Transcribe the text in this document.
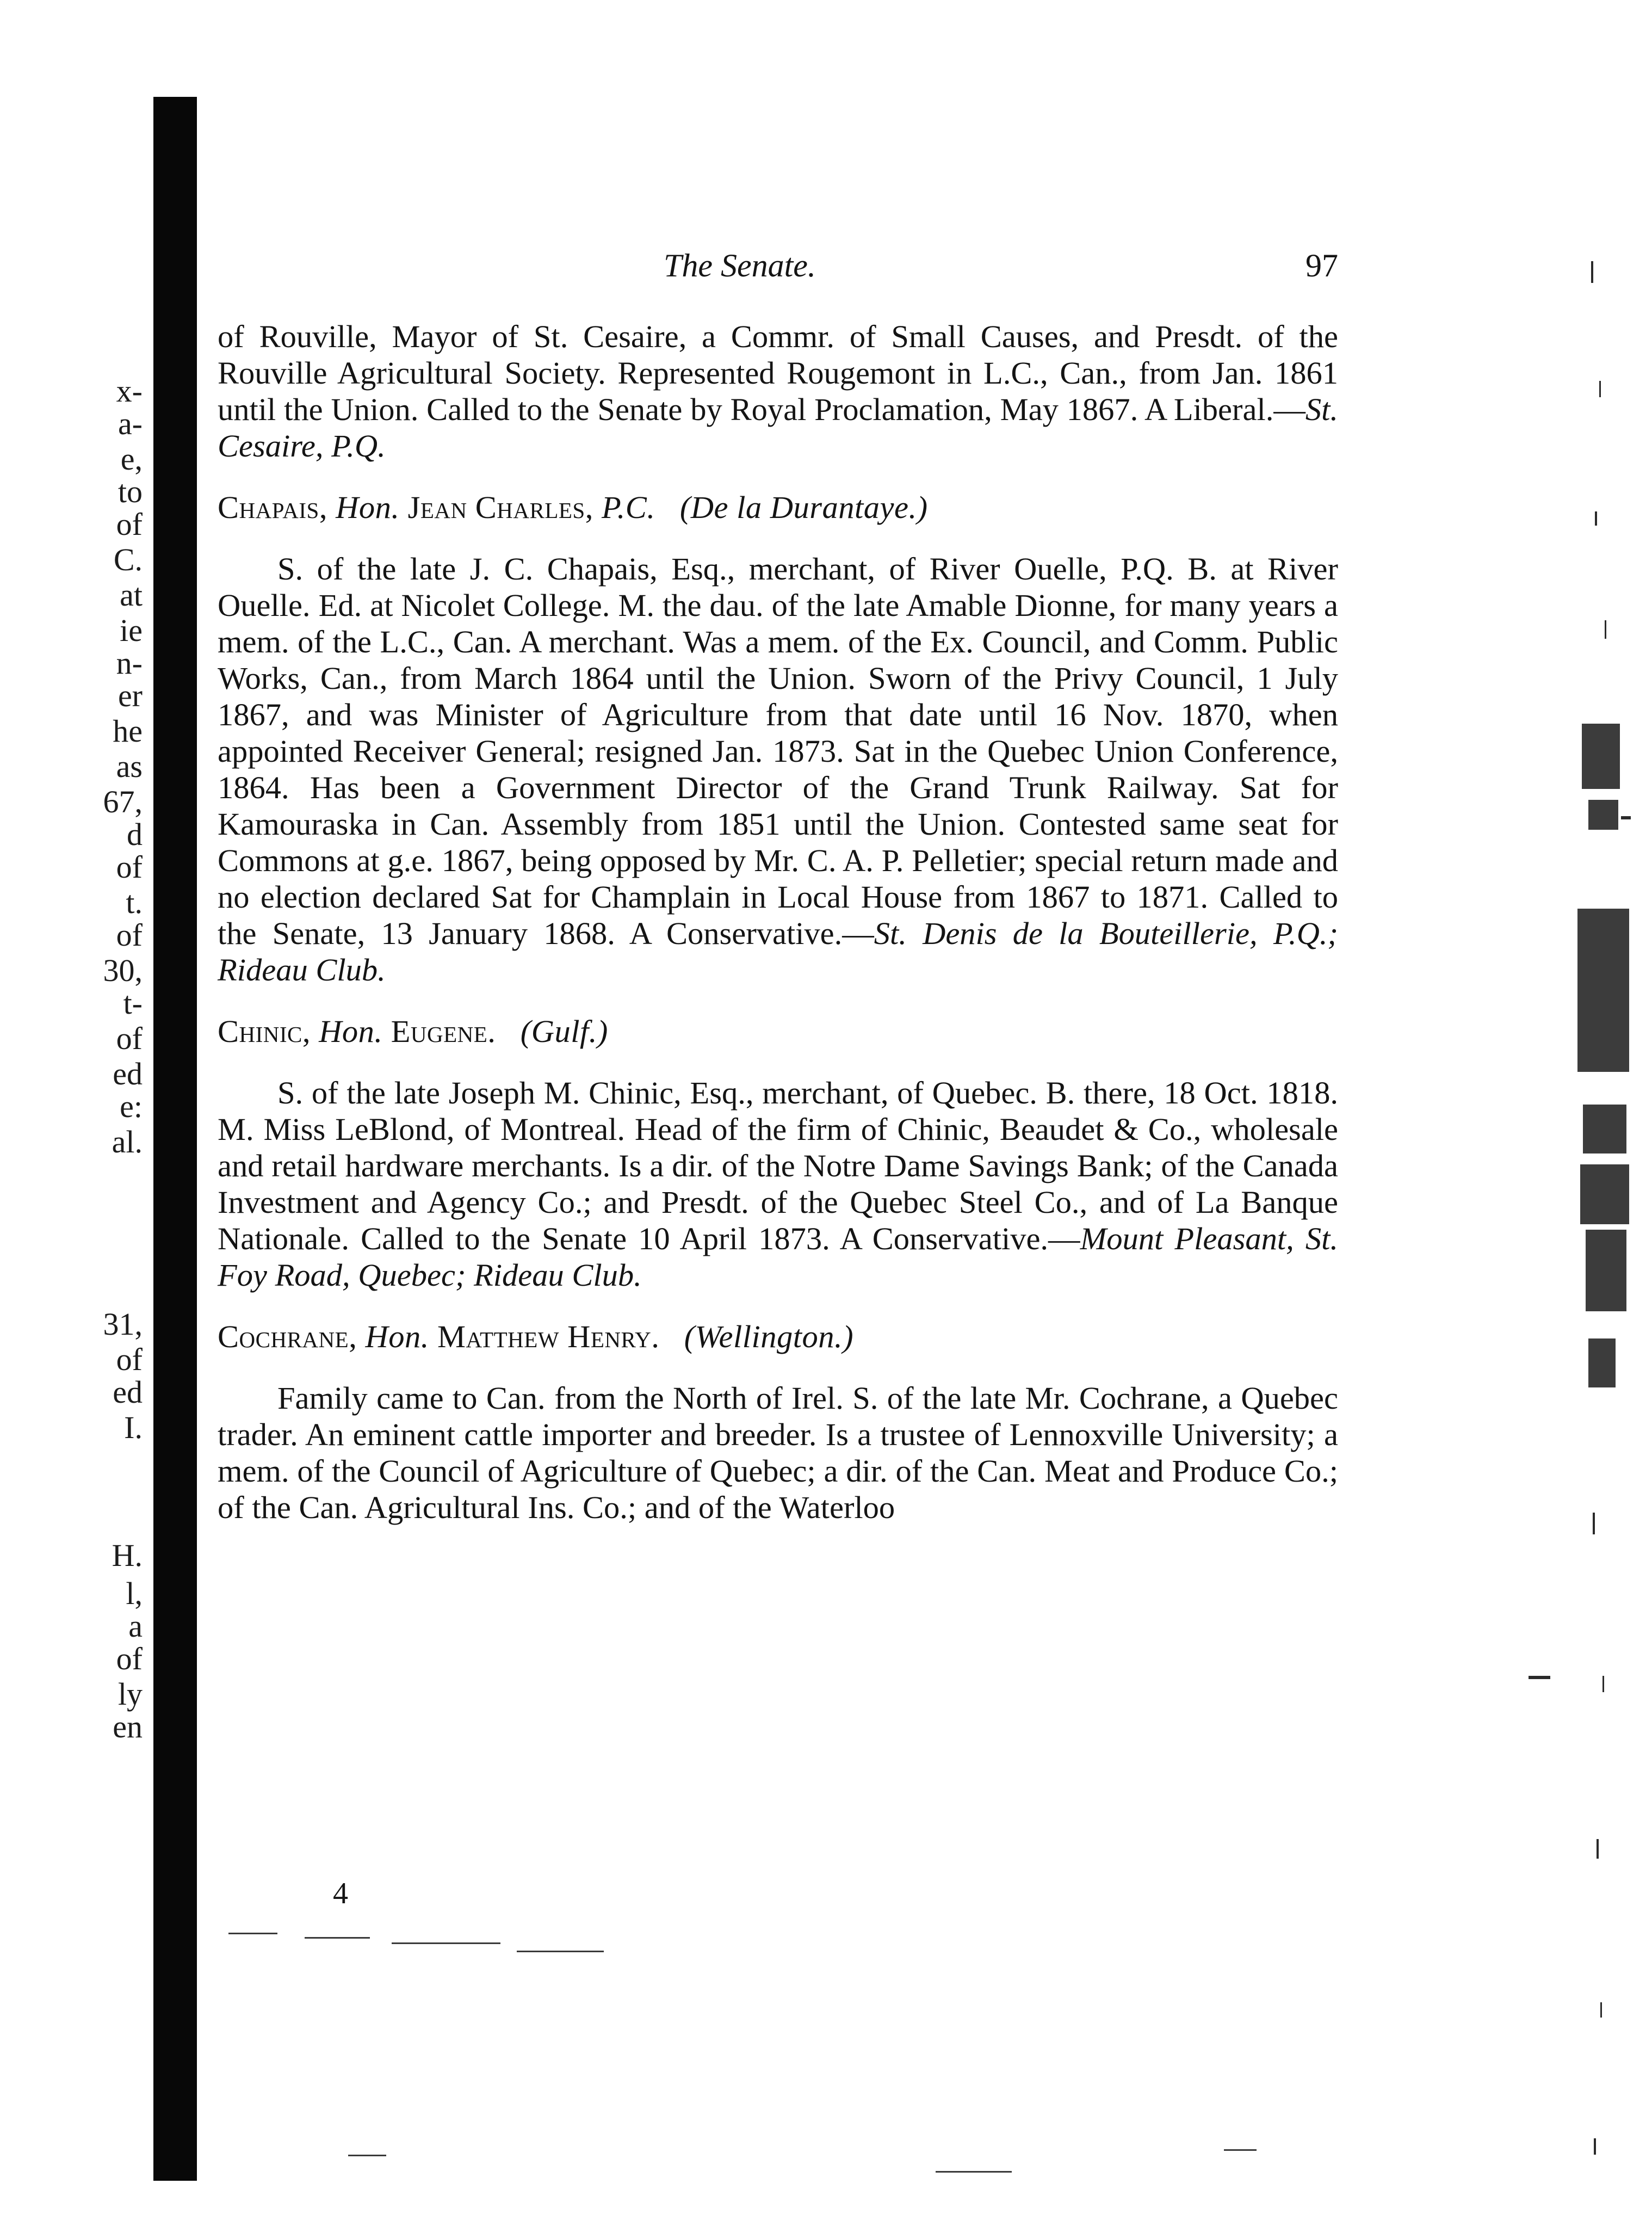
x-
a-
e,
to
of
C.
at
ie
n-
er
he
as
67,
d
of
t.
of
30,
t-
of
ed
e:
al.
31,
of
ed
I.
H.
l,
a
of
ly
en
The Senate.	97

of Rouville, Mayor of St. Cesaire, a Commr. of Small Causes, and Presdt. of the Rouville Agricultural Society. Represented Rougemont in L.C., Can., from Jan. 1861 until the Union. Called to the Senate by Royal Proclamation, May 1867. A Liberal.—St. Cesaire, P.Q.

Chapais, Hon. Jean Charles, P.C. (De la Durantaye.)

S. of the late J. C. Chapais, Esq., merchant, of River Ouelle, P.Q. B. at River Ouelle. Ed. at Nicolet College. M. the dau. of the late Amable Dionne, for many years a mem. of the L.C., Can. A merchant. Was a mem. of the Ex. Council, and Comm. Public Works, Can., from March 1864 until the Union. Sworn of the Privy Council, 1 July 1867, and was Minister of Agriculture from that date until 16 Nov. 1870, when appointed Receiver General; resigned Jan. 1873. Sat in the Quebec Union Conference, 1864. Has been a Government Director of the Grand Trunk Railway. Sat for Kamouraska in Can. Assembly from 1851 until the Union. Contested same seat for Commons at g.e. 1867, being opposed by Mr. C. A. P. Pelletier; special return made and no election declared Sat for Champlain in Local House from 1867 to 1871. Called to the Senate, 13 January 1868. A Conservative.—St. Denis de la Bouteillerie, P.Q.; Rideau Club.

Chinic, Hon. Eugene. (Gulf.)

S. of the late Joseph M. Chinic, Esq., merchant, of Quebec. B. there, 18 Oct. 1818. M. Miss LeBlond, of Montreal. Head of the firm of Chinic, Beaudet & Co., wholesale and retail hardware merchants. Is a dir. of the Notre Dame Savings Bank; of the Canada Investment and Agency Co.; and Presdt. of the Quebec Steel Co., and of La Banque Nationale. Called to the Senate 10 April 1873. A Conservative.—Mount Pleasant, St. Foy Road, Quebec; Rideau Club.

Cochrane, Hon. Matthew Henry. (Wellington.)

Family came to Can. from the North of Irel. S. of the late Mr. Cochrane, a Quebec trader. An eminent cattle importer and breeder. Is a trustee of Lennoxville University; a mem. of the Council of Agriculture of Quebec; a dir. of the Can. Meat and Produce Co.; of the Can. Agricultural Ins. Co.; and of the Waterloo

4
